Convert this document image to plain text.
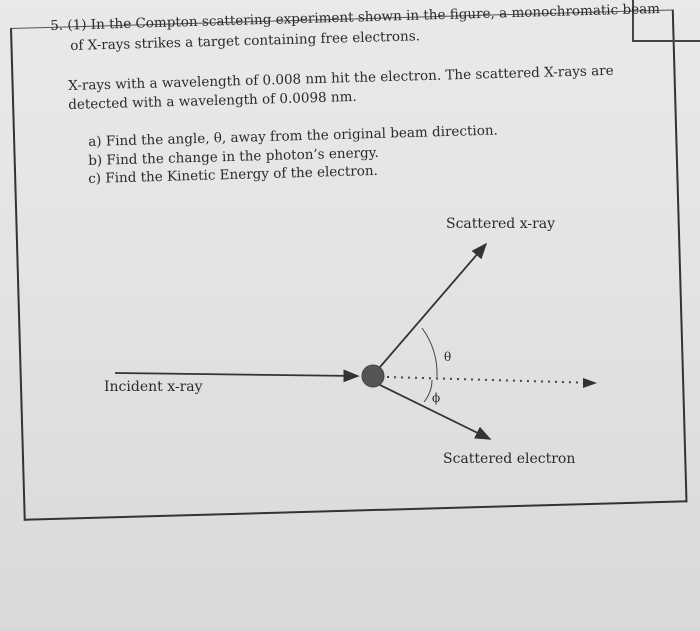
5. (1) In the Compton scattering experiment shown in the figure, a monochromatic beam
of X-rays strikes a target containing free electrons.
X-rays with a wavelength of 0.008 nm hit the electron. The scattered X-rays are
detected with a wavelength of 0.0098 nm.
a) Find the angle, θ, away from the original beam direction.
b) Find the change in the photon’s energy.
c) Find the Kinetic Energy of the electron.
Incident x-ray
Scattered x-ray
Scattered electron
θ
ϕ
